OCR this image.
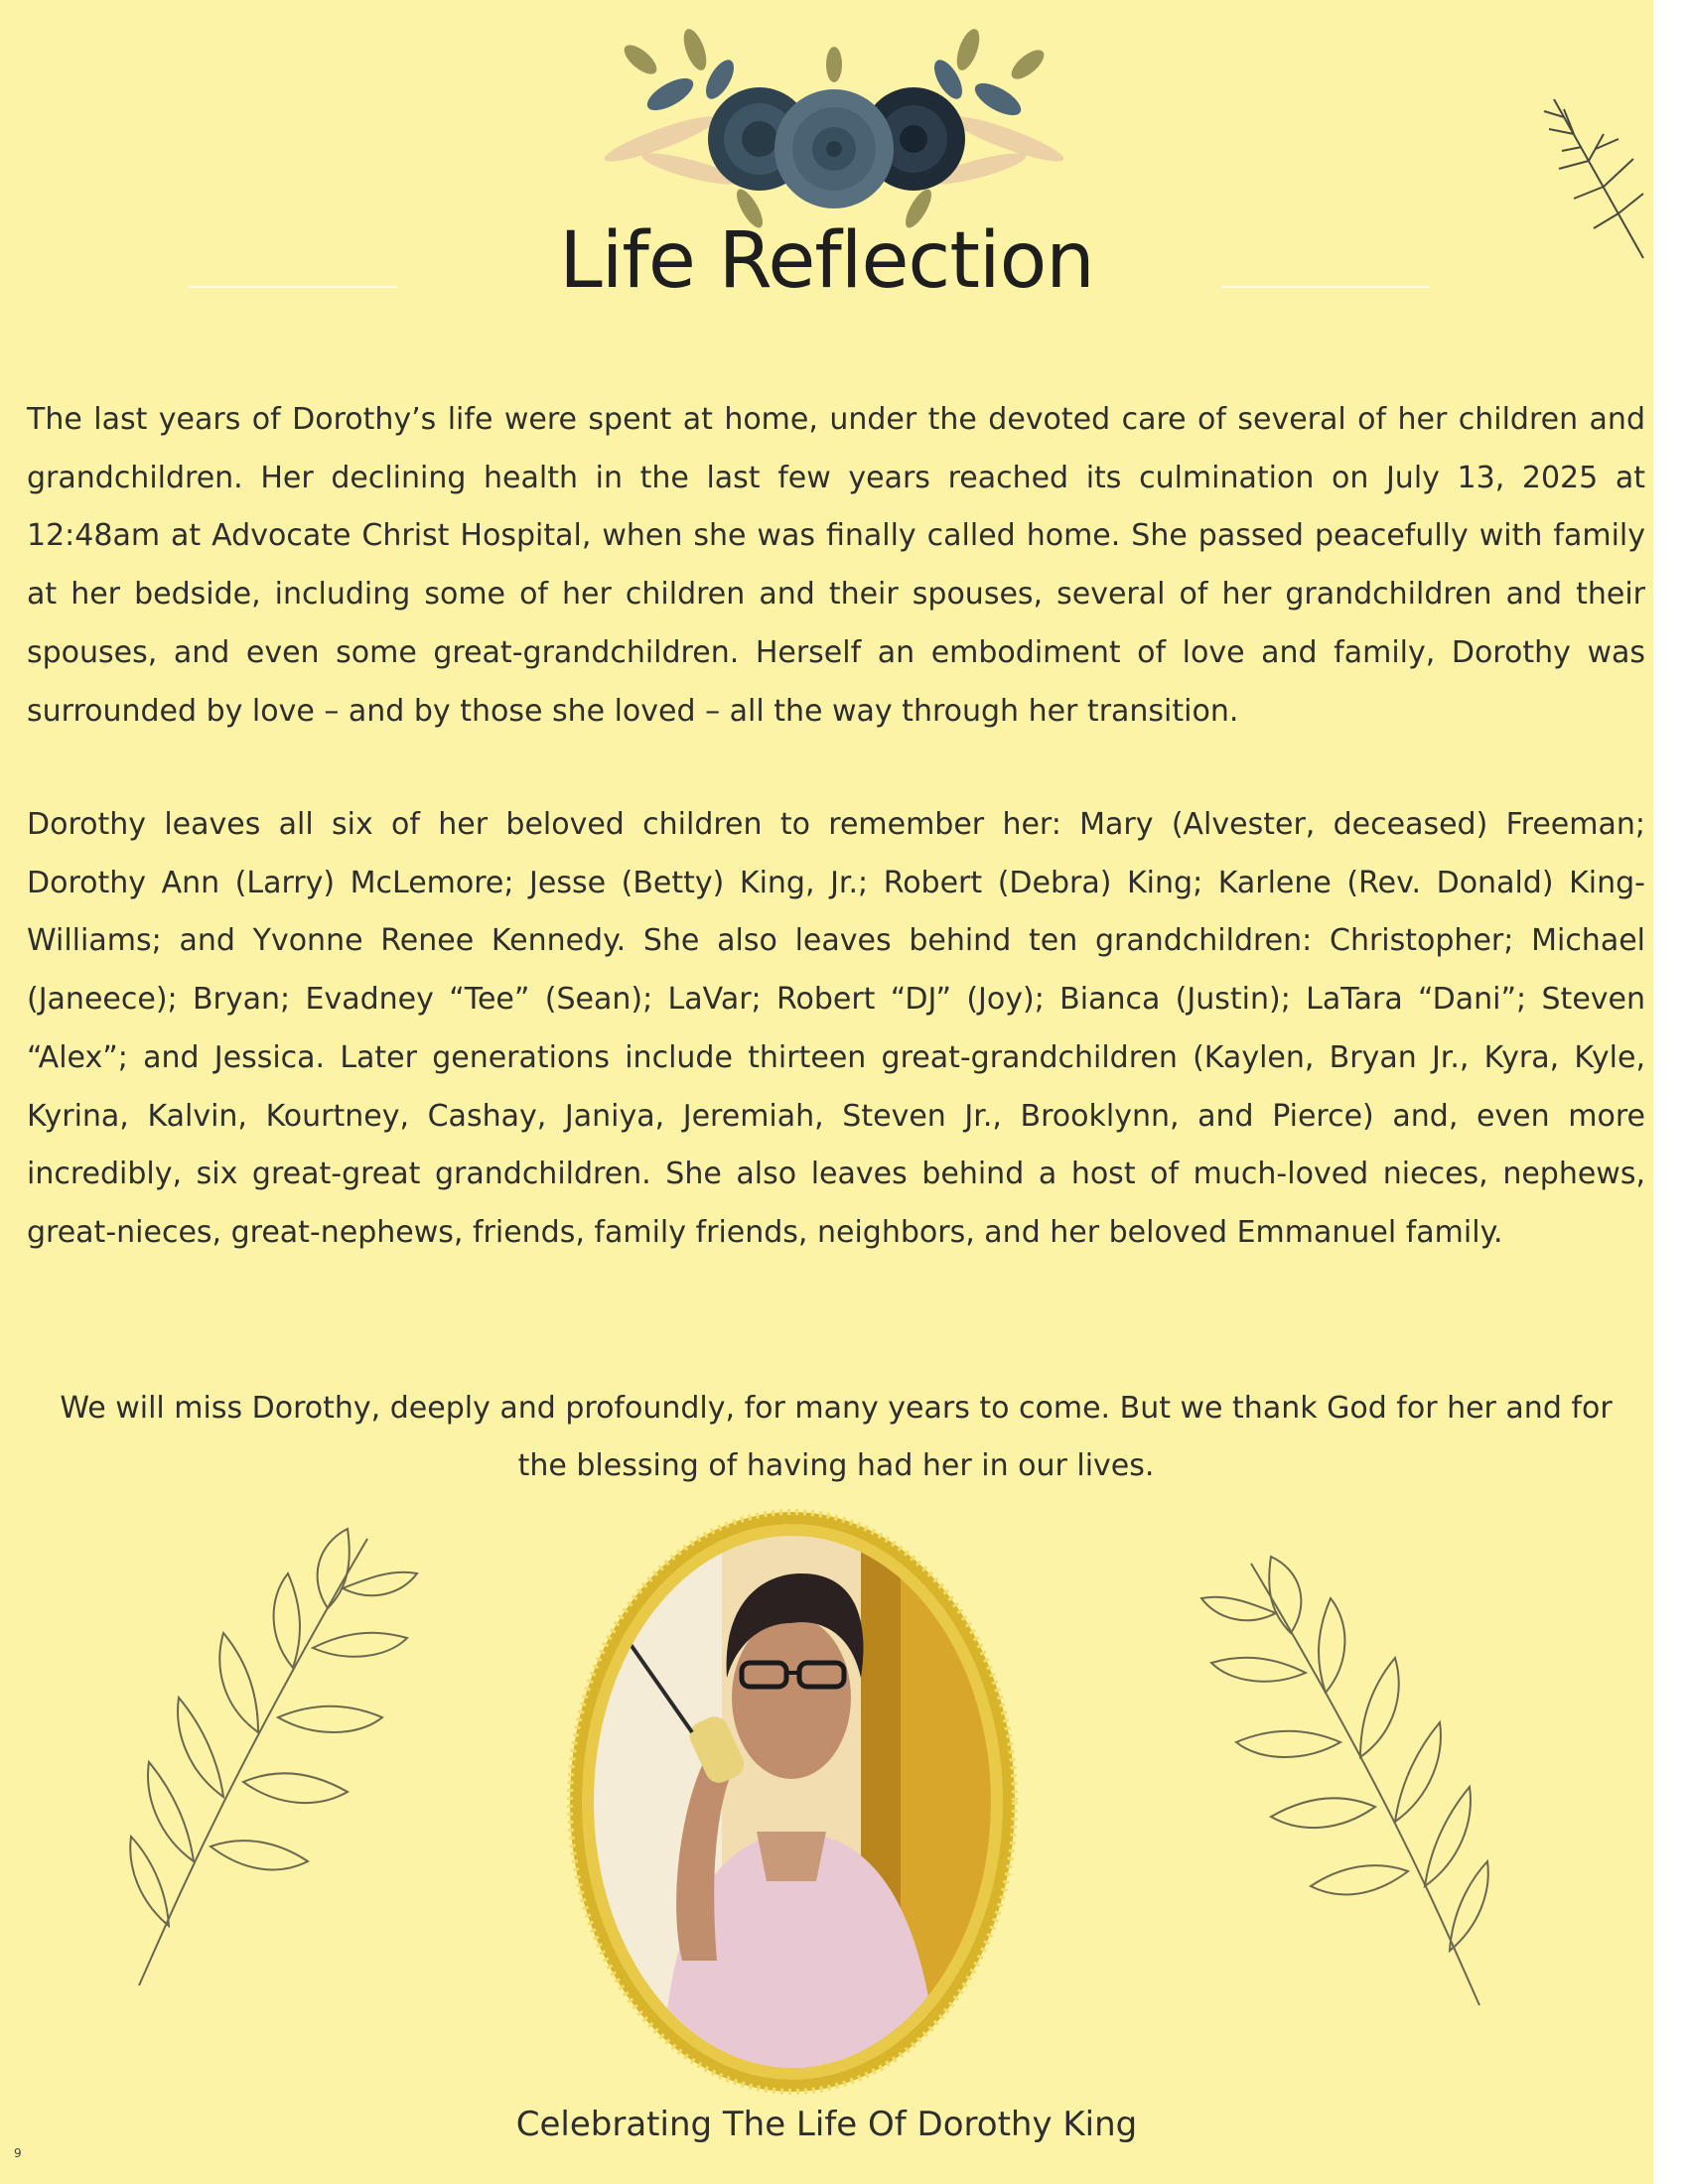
Life Reflection

The last years of Dorothy’s life were spent at home, under the devoted care of several of her children and grandchildren. Her declining health in the last few years reached its culmination on July 13, 2025 at 12:48am at Advocate Christ Hospital, when she was finally called home. She passed peacefully with family at her bedside, including some of her children and their spouses, several of her grandchildren and their spouses, and even some great-grandchildren. Herself an embodiment of love and family, Dorothy was surrounded by love – and by those she loved – all the way through her transition.

Dorothy leaves all six of her beloved children to remember her: Mary (Alvester, deceased) Freeman; Dorothy Ann (Larry) McLemore; Jesse (Betty) King, Jr.; Robert (Debra) King; Karlene (Rev. Donald) King-Williams; and Yvonne Renee Kennedy. She also leaves behind ten grandchildren: Christopher; Michael (Janeece); Bryan; Evadney “Tee” (Sean); LaVar; Robert “DJ” (Joy); Bianca (Justin); LaTara “Dani”; Steven “Alex”; and Jessica. Later generations include thirteen great-grandchildren (Kaylen, Bryan Jr., Kyra, Kyle, Kyrina, Kalvin, Kourtney, Cashay, Janiya, Jeremiah, Steven Jr., Brooklynn, and Pierce) and, even more incredibly, six great-great grandchildren. She also leaves behind a host of much-loved nieces, nephews, great-nieces, great-nephews, friends, family friends, neighbors, and her beloved Emmanuel family.

We will miss Dorothy, deeply and profoundly, for many years to come. But we thank God for her and for
the blessing of having had her in our lives.

Celebrating The Life Of Dorothy King

9
